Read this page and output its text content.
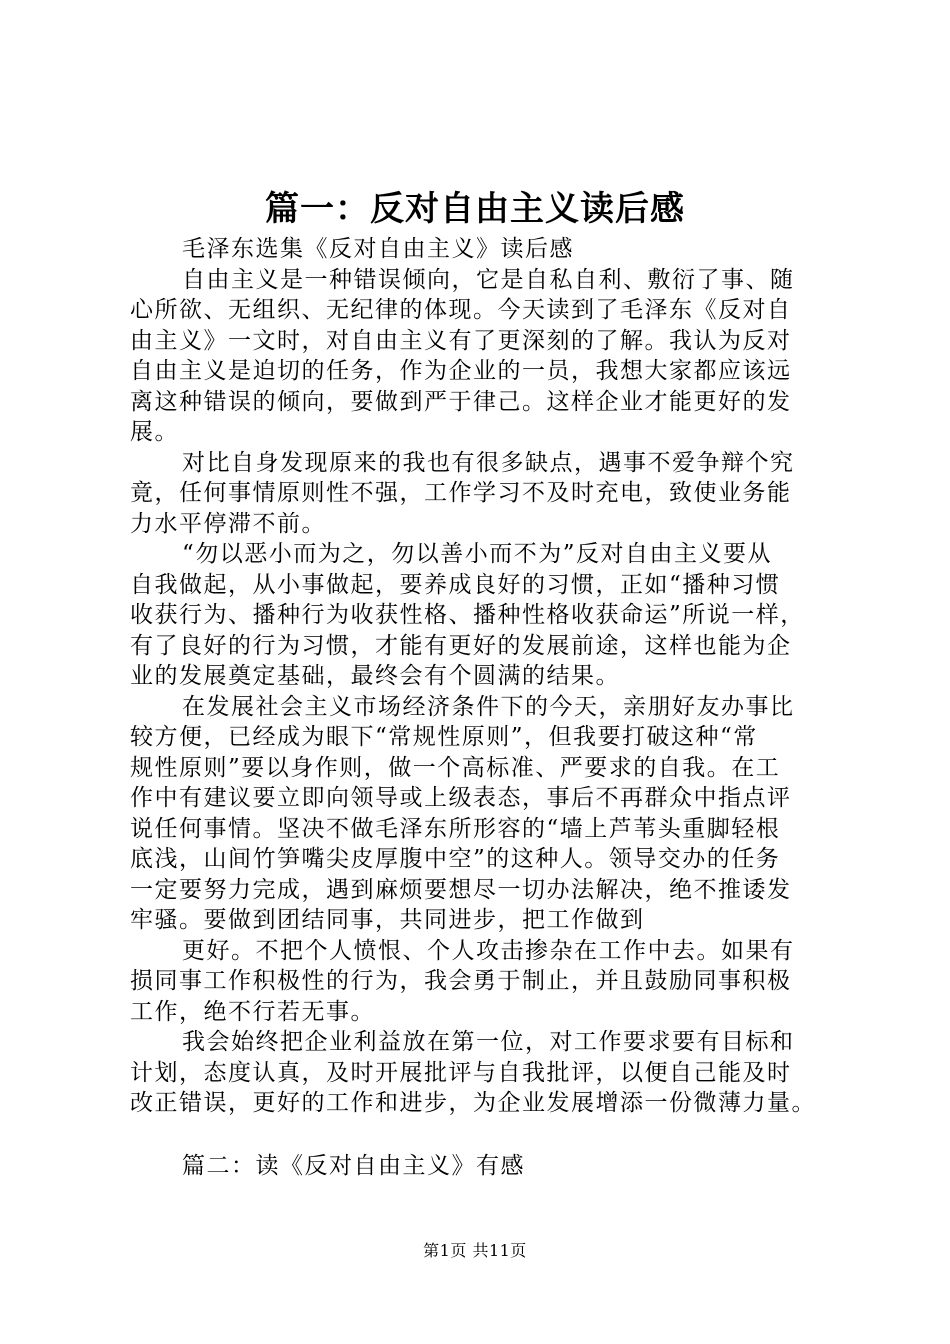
篇一：反对自由主义读后感
毛泽东选集《反对自由主义》读后感
自由主义是一种错误倾向，它是自私自利、敷衍了事、随
心所欲、无组织、无纪律的体现。今天读到了毛泽东《反对自
由主义》一文时，对自由主义有了更深刻的了解。我认为反对
自由主义是迫切的任务，作为企业的一员，我想大家都应该远
离这种错误的倾向，要做到严于律己。这样企业才能更好的发
展。
对比自身发现原来的我也有很多缺点，遇事不爱争辩个究
竟，任何事情原则性不强，工作学习不及时充电，致使业务能
力水平停滞不前。
“勿以恶小而为之，勿以善小而不为”反对自由主义要从
自我做起，从小事做起，要养成良好的习惯，正如“播种习惯
收获行为、播种行为收获性格、播种性格收获命运”所说一样，
有了良好的行为习惯，才能有更好的发展前途，这样也能为企
业的发展奠定基础，最终会有个圆满的结果。
在发展社会主义市场经济条件下的今天，亲朋好友办事比
较方便，已经成为眼下“常规性原则”，但我要打破这种“常
规性原则”要以身作则，做一个高标准、严要求的自我。在工
作中有建议要立即向领导或上级表态，事后不再群众中指点评
说任何事情。坚决不做毛泽东所形容的“墙上芦苇头重脚轻根
底浅，山间竹笋嘴尖皮厚腹中空”的这种人。领导交办的任务
一定要努力完成，遇到麻烦要想尽一切办法解决，绝不推诿发
牢骚。要做到团结同事，共同进步，把工作做到
更好。不把个人愤恨、个人攻击掺杂在工作中去。如果有
损同事工作积极性的行为，我会勇于制止，并且鼓励同事积极
工作，绝不行若无事。
我会始终把企业利益放在第一位，对工作要求要有目标和
计划，态度认真，及时开展批评与自我批评，以便自己能及时
改正错误，更好的工作和进步，为企业发展增添一份微薄力量。
篇二：读《反对自由主义》有感
第1页 共11页
